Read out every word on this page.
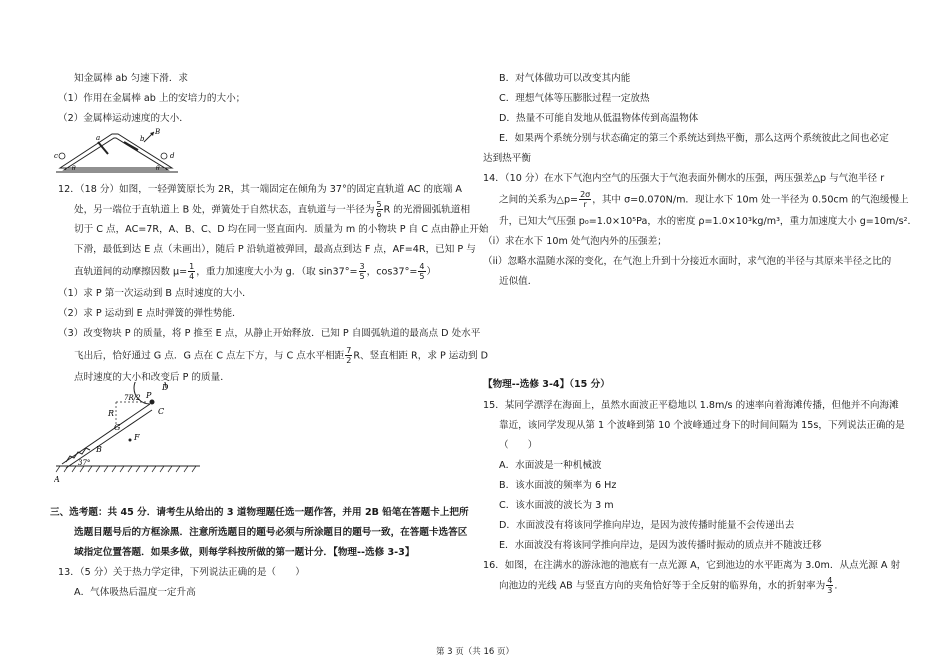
知金属棒 ab 匀速下滑．求
（1）作用在金属棒 ab 上的安培力的大小；
（2）金属棒运动速度的大小．
c	d
a	b
B
θ	θ
12．（18 分）如图，一轻弹簧原长为 2R，其一端固定在倾角为 37°的固定直轨道 AC 的底端 A
处，另一端位于直轨道上 B 处，弹簧处于自然状态，直轨道与一半径为 $\frac{5}{6}$ R 的光滑圆弧轨道相
切于 C 点，AC=7R，A、B、C、D 均在同一竖直面内．质量为 m 的小物块 P 自 C 点由静止开始
下滑，最低到达 E 点（未画出），随后 P 沿轨道被弹回，最高点到达 F 点，AF=4R，已知 P 与
直轨道间的动摩擦因数 $\mu= \frac{1}{4}$ ，重力加速度大小为 g．（取 $\sin 37^\circ= \frac{3}{5}$ ，$\cos 37^\circ= \frac{4}{5}$ ）
（1）求 P 第一次运动到 B 点时速度的大小．
（2）求 P 运动到 E 点时弹簧的弹性势能．
（3）改变物块 P 的质量，将 P 推至 E 点，从静止开始释放．已知 P 自圆弧轨道的最高点 D 处水平
飞出后，恰好通过 G 点．G 点在 C 点左下方，与 C 点水平相距 $\frac{7}{2}$ R、竖直相距 R，求 P 运动到 D
点时速度的大小和改变后 P 的质量．
D
P
C
7R/2
R
G
F
B
37°
A
三、选考题：共 45 分．请考生从给出的 3 道物理题任选一题作答，并用 2B 铅笔在答题卡上把所
选题目题号后的方框涂黑．注意所选题目的题号必须与所涂题目的题号一致，在答题卡选答区
域指定位置答题．如果多做，则每学科按所做的第一题计分．【物理--选修 3-3】
13．（5 分）关于热力学定律，下列说法正确的是（　　）
A．气体吸热后温度一定升高
B．对气体做功可以改变其内能
C．理想气体等压膨胀过程一定放热
D．热量不可能自发地从低温物体传到高温物体
E．如果两个系统分别与状态确定的第三个系统达到热平衡，那么这两个系统彼此之间也必定
达到热平衡
14．（10 分）在水下气泡内空气的压强大于气泡表面外侧水的压强，两压强差△p 与气泡半径 r
之间的关系为△p= $\frac{2\sigma}{r}$ ，其中 σ=0.070N/m．现让水下 10m 处一半径为 0.50cm 的气泡缓慢上
升，已知大气压强 p₀=1.0×10⁵Pa，水的密度 ρ=1.0×10³kg/m³，重力加速度大小 g=10m/s²．
（i）求在水下 10m 处气泡内外的压强差；
（ii）忽略水温随水深的变化，在气泡上升到十分接近水面时，求气泡的半径与其原来半径之比的
近似值．
【物理--选修 3-4】（15 分）
15．某同学漂浮在海面上，虽然水面波正平稳地以 1.8m/s 的速率向着海滩传播，但他并不向海滩
靠近，该同学发现从第 1 个波峰到第 10 个波峰通过身下的时间间隔为 15s，下列说法正确的是
（　　）
A．水面波是一种机械波
B．该水面波的频率为 6 Hz
C．该水面波的波长为 3 m
D．水面波没有将该同学推向岸边，是因为波传播时能量不会传递出去
E．水面波没有将该同学推向岸边，是因为波传播时振动的质点并不随波迁移
16．如图，在注满水的游泳池的池底有一点光源 A，它到池边的水平距离为 3.0m．从点光源 A 射
向池边的光线 AB 与竖直方向的夹角恰好等于全反射的临界角，水的折射率为 $\frac{4}{3}$ .
第 3 页（共 16 页）
